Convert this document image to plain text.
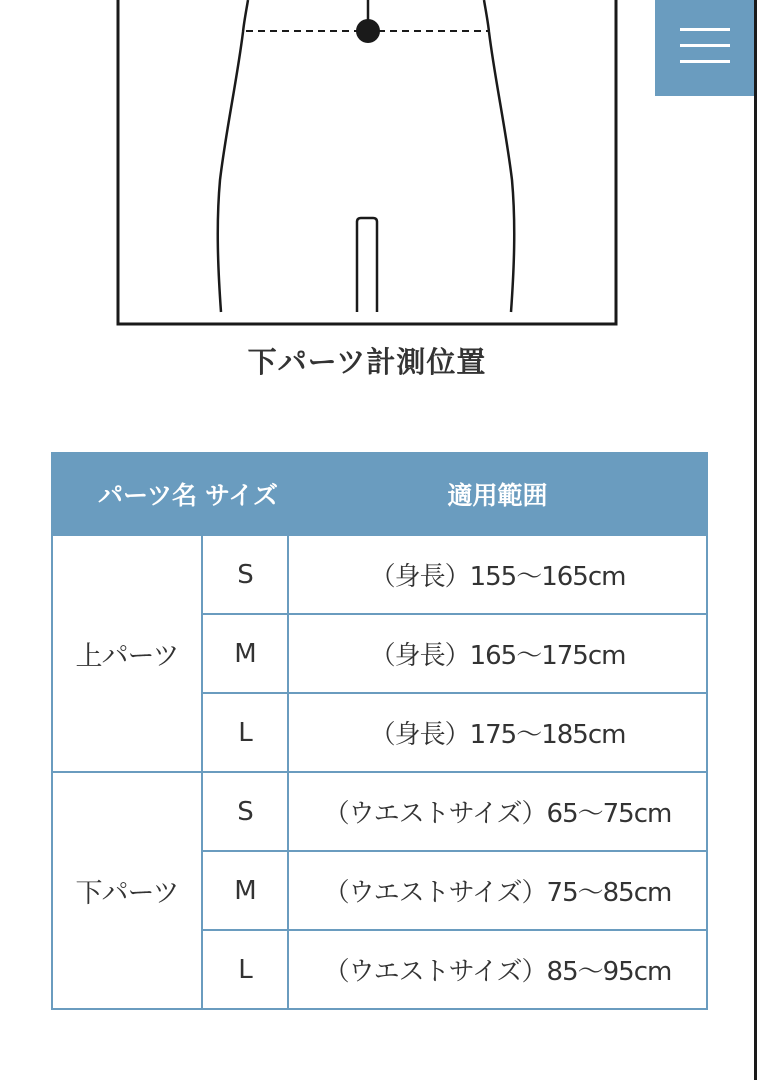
下パーツ計測位置
パーツ名	サイズ	適用範囲
上パーツ	S	（身長）155〜165cm
	M	（身長）165〜175cm
	L	（身長）175〜185cm
下パーツ	S	（ウエストサイズ）65〜75cm
	M	（ウエストサイズ）75〜85cm
	L	（ウエストサイズ）85〜95cm
